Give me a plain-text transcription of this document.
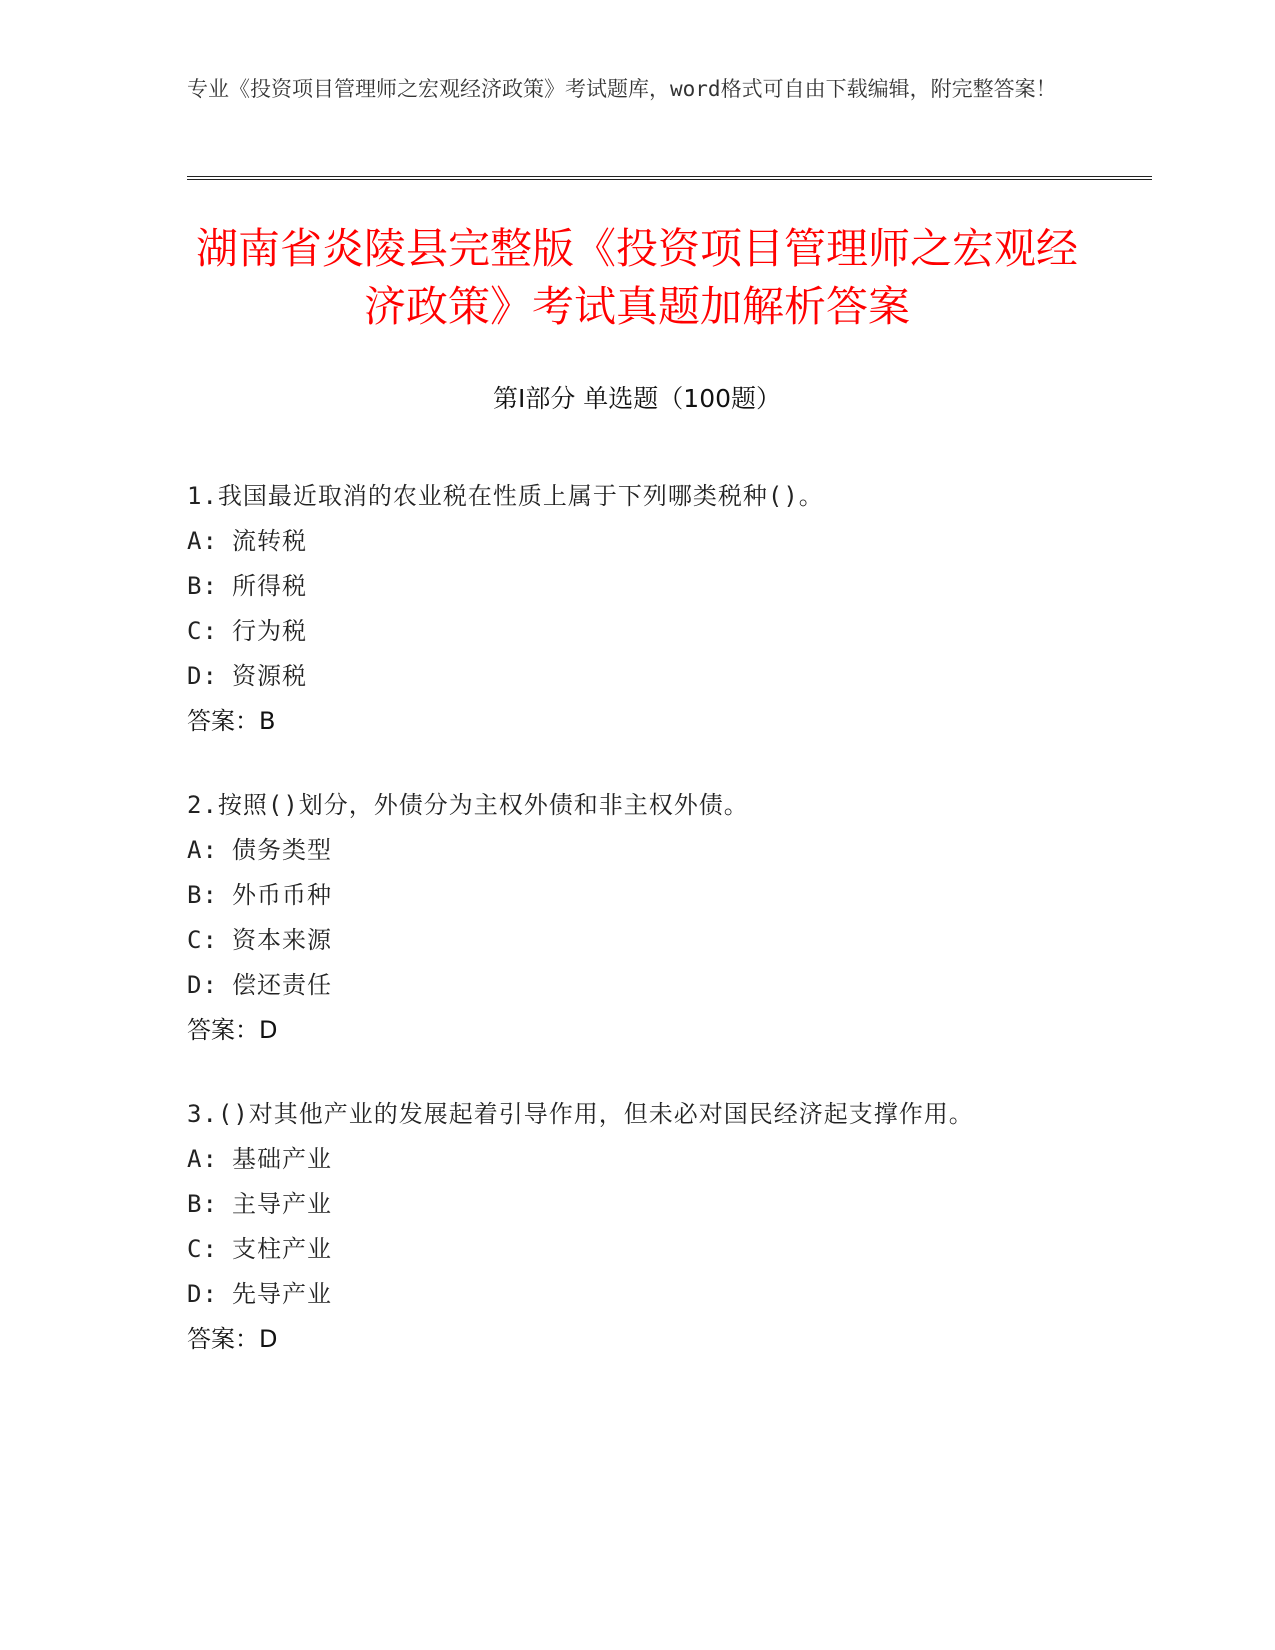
专业《投资项目管理师之宏观经济政策》考试题库，word格式可自由下载编辑，附完整答案！
湖南省炎陵县完整版《投资项目管理师之宏观经济政策》考试真题加解析答案
第Ⅰ部分 单选题（100题）
1.我国最近取消的农业税在性质上属于下列哪类税种()。
A: 流转税
B: 所得税
C: 行为税
D: 资源税
答案：B
2.按照()划分，外债分为主权外债和非主权外债。
A: 债务类型
B: 外币币种
C: 资本来源
D: 偿还责任
答案：D
3.()对其他产业的发展起着引导作用，但未必对国民经济起支撑作用。
A: 基础产业
B: 主导产业
C: 支柱产业
D: 先导产业
答案：D
